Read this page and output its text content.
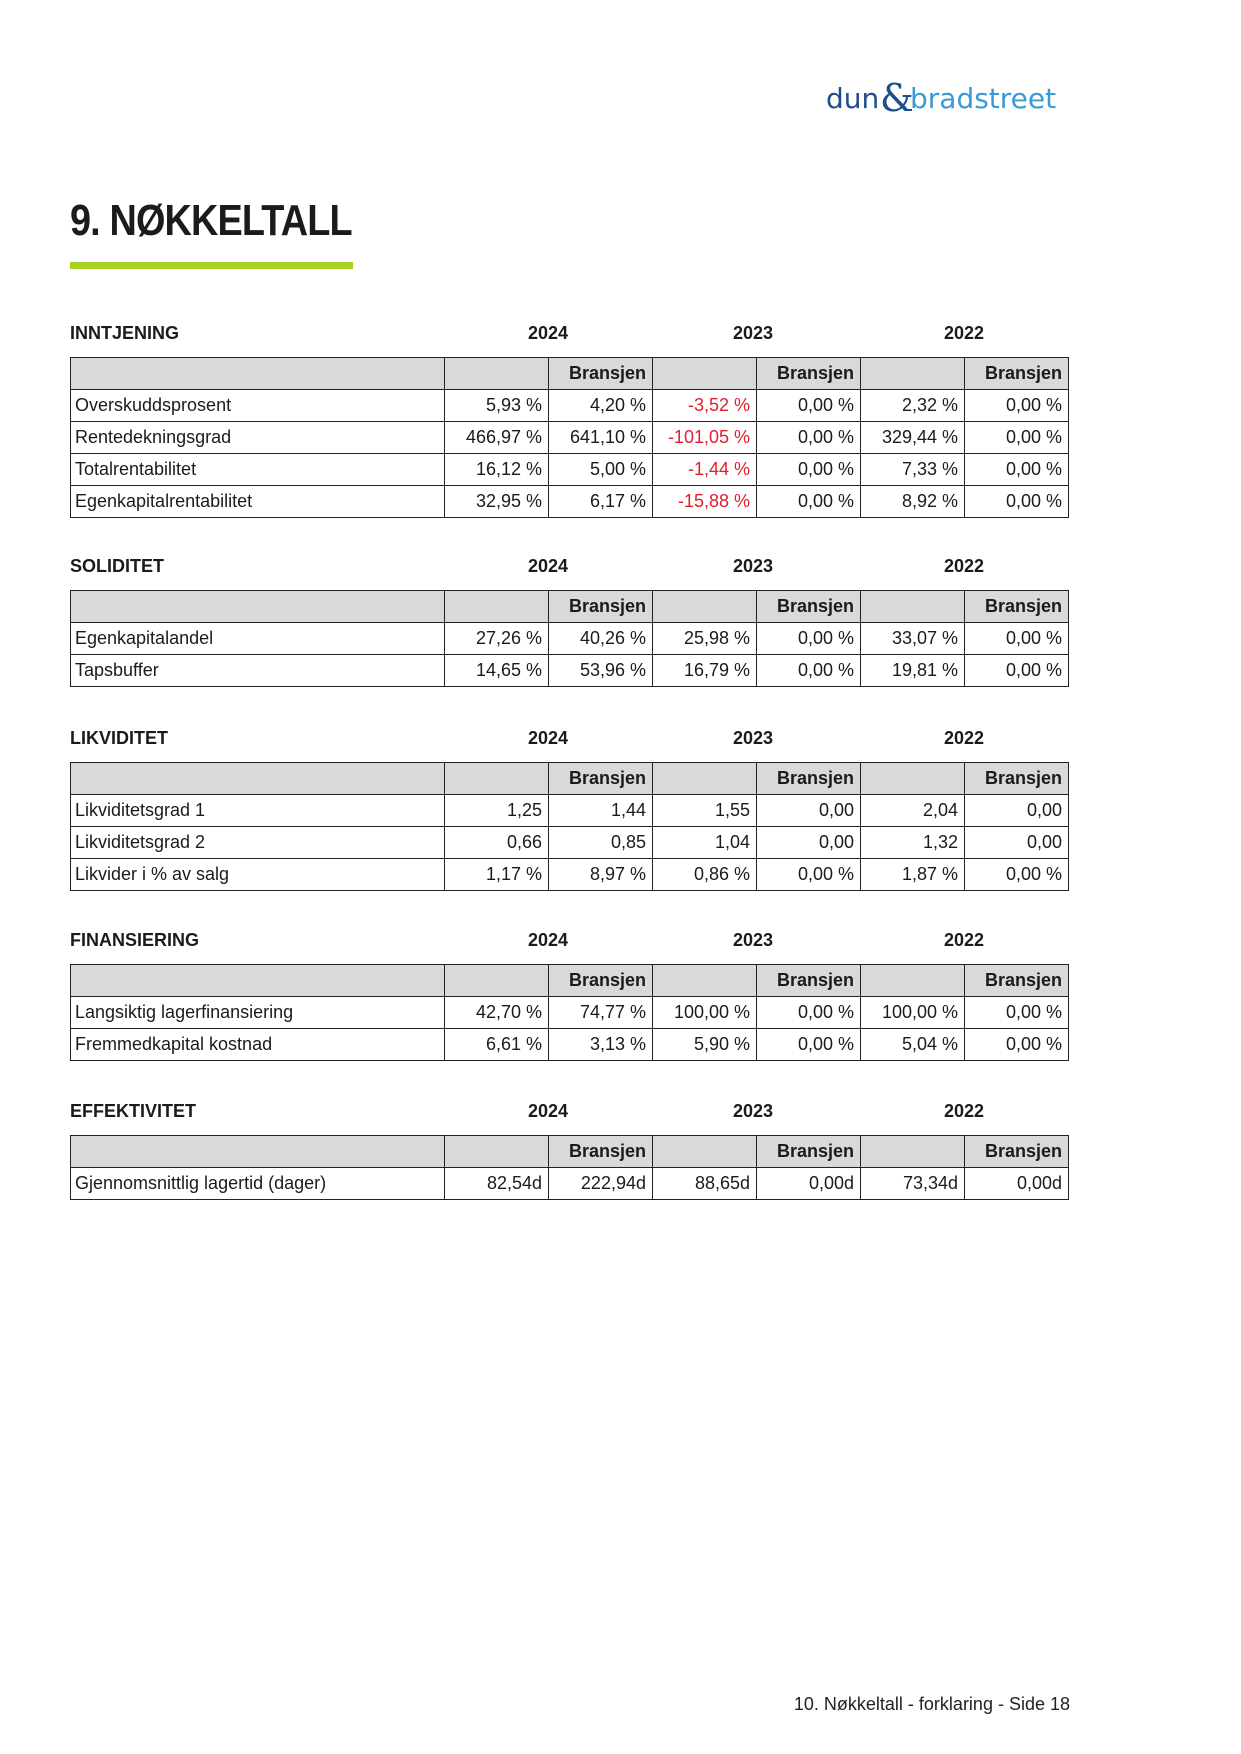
dun &
bradstreet
9. NØKKELTALL
INNTJENING	2024	2023	2022
		Bransjen		Bransjen		Bransjen
Overskuddsprosent	5,93 %	4,20 %	-3,52 %	0,00 %	2,32 %	0,00 %
Rentedekningsgrad	466,97 %	641,10 %	-101,05 %	0,00 %	329,44 %	0,00 %
Totalrentabilitet	16,12 %	5,00 %	-1,44 %	0,00 %	7,33 %	0,00 %
Egenkapitalrentabilitet	32,95 %	6,17 %	-15,88 %	0,00 %	8,92 %	0,00 %
SOLIDITET	2024	2023	2022
		Bransjen		Bransjen		Bransjen
Egenkapitalandel	27,26 %	40,26 %	25,98 %	0,00 %	33,07 %	0,00 %
Tapsbuffer	14,65 %	53,96 %	16,79 %	0,00 %	19,81 %	0,00 %
LIKVIDITET	2024	2023	2022
		Bransjen		Bransjen		Bransjen
Likviditetsgrad 1	1,25	1,44	1,55	0,00	2,04	0,00
Likviditetsgrad 2	0,66	0,85	1,04	0,00	1,32	0,00
Likvider i % av salg	1,17 %	8,97 %	0,86 %	0,00 %	1,87 %	0,00 %
FINANSIERING	2024	2023	2022
		Bransjen		Bransjen		Bransjen
Langsiktig lagerfinansiering	42,70 %	74,77 %	100,00 %	0,00 %	100,00 %	0,00 %
Fremmedkapital kostnad	6,61 %	3,13 %	5,90 %	0,00 %	5,04 %	0,00 %
EFFEKTIVITET	2024	2023	2022
		Bransjen		Bransjen		Bransjen
Gjennomsnittlig lagertid (dager)	82,54d	222,94d	88,65d	0,00d	73,34d	0,00d
10. Nøkkeltall - forklaring - Side 18
